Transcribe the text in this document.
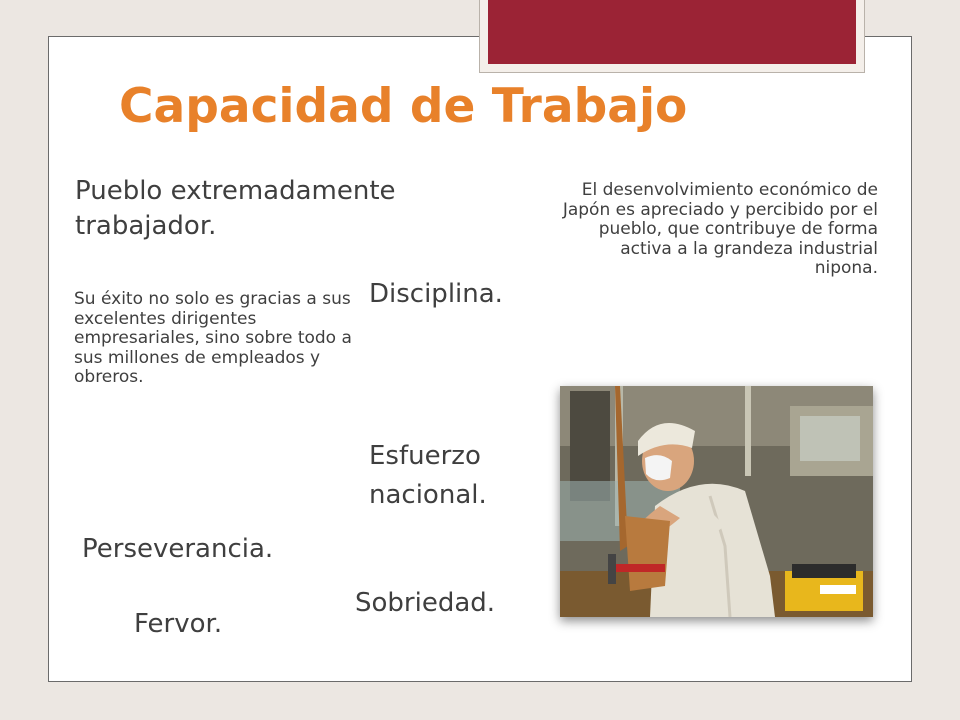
Capacidad de Trabajo

Pueblo extremadamente trabajador.

Su éxito no solo es gracias a sus excelentes dirigentes empresariales, sino sobre todo a sus millones de empleados y obreros.

El desenvolvimiento económico de Japón es apreciado y percibido por el pueblo, que contribuye de forma activa a la grandeza industrial nipona.

Disciplina.

Esfuerzo nacional.

Perseverancia.

Sobriedad.

Fervor.
